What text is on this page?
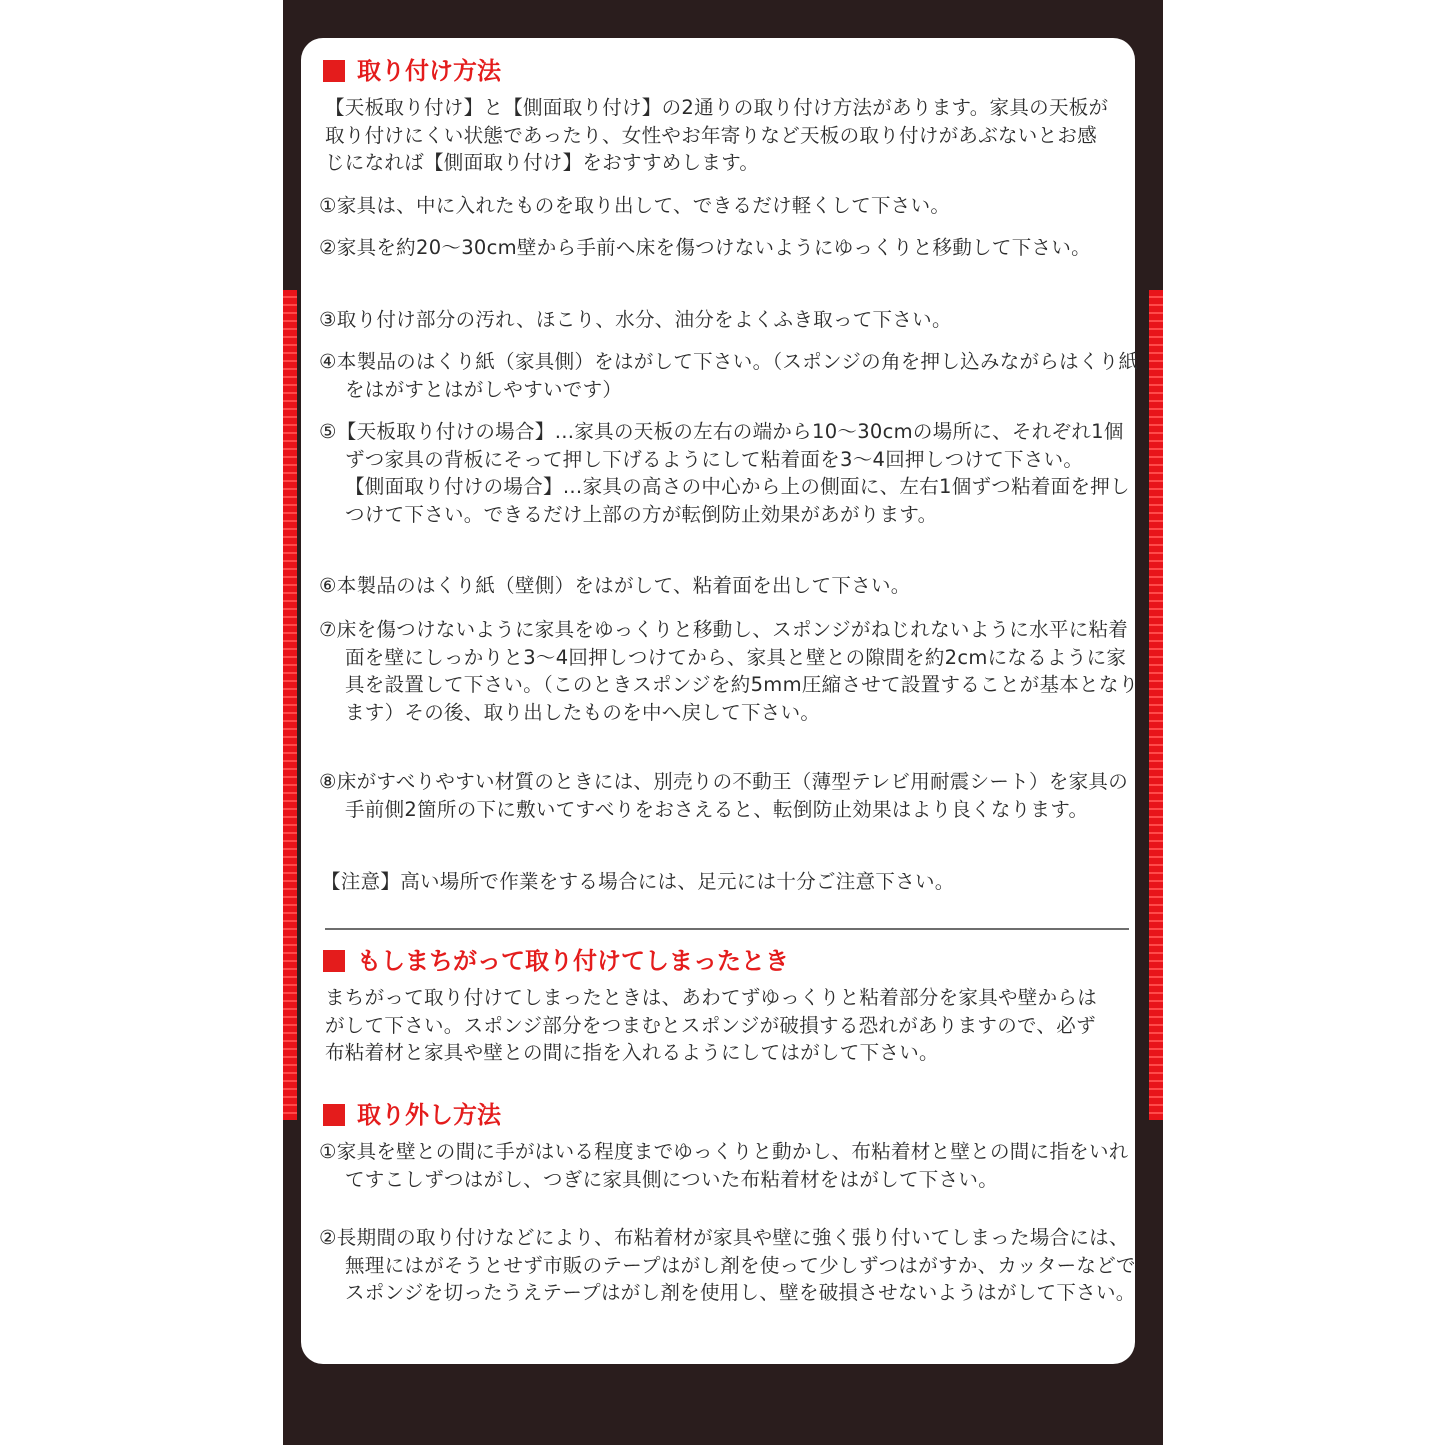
取り付け方法

【天板取り付け】と【側面取り付け】の2通りの取り付け方法があります。家具の天板が取り付けにくい状態であったり、女性やお年寄りなど天板の取り付けがあぶないとお感じになれば【側面取り付け】をおすすめします。

①家具は、中に入れたものを取り出して、できるだけ軽くして下さい。

②家具を約20～30cm壁から手前へ床を傷つけないようにゆっくりと移動して下さい。

③取り付け部分の汚れ、ほこり、水分、油分をよくふき取って下さい。

④本製品のはくり紙（家具側）をはがして下さい。（スポンジの角を押し込みながらはくり紙をはがすとはがしやすいです）

⑤【天板取り付けの場合】…家具の天板の左右の端から10～30cmの場所に、それぞれ1個ずつ家具の背板にそって押し下げるようにして粘着面を3～4回押しつけて下さい。
【側面取り付けの場合】…家具の高さの中心から上の側面に、左右1個ずつ粘着面を押しつけて下さい。できるだけ上部の方が転倒防止効果があがります。

⑥本製品のはくり紙（壁側）をはがして、粘着面を出して下さい。

⑦床を傷つけないように家具をゆっくりと移動し、スポンジがねじれないように水平に粘着面を壁にしっかりと3～4回押しつけてから、家具と壁との隙間を約2cmになるように家具を設置して下さい。（このときスポンジを約5mm圧縮させて設置することが基本となります）その後、取り出したものを中へ戻して下さい。

⑧床がすべりやすい材質のときには、別売りの不動王（薄型テレビ用耐震シート）を家具の手前側2箇所の下に敷いてすべりをおさえると、転倒防止効果はより良くなります。

【注意】高い場所で作業をする場合には、足元には十分ご注意下さい。

もしまちがって取り付けてしまったとき

まちがって取り付けてしまったときは、あわてずゆっくりと粘着部分を家具や壁からはがして下さい。スポンジ部分をつまむとスポンジが破損する恐れがありますので、必ず布粘着材と家具や壁との間に指を入れるようにしてはがして下さい。

取り外し方法

①家具を壁との間に手がはいる程度までゆっくりと動かし、布粘着材と壁との間に指をいれてすこしずつはがし、つぎに家具側についた布粘着材をはがして下さい。

②長期間の取り付けなどにより、布粘着材が家具や壁に強く張り付いてしまった場合には、無理にはがそうとせず市販のテープはがし剤を使って少しずつはがすか、カッターなどでスポンジを切ったうえテープはがし剤を使用し、壁を破損させないようはがして下さい。
